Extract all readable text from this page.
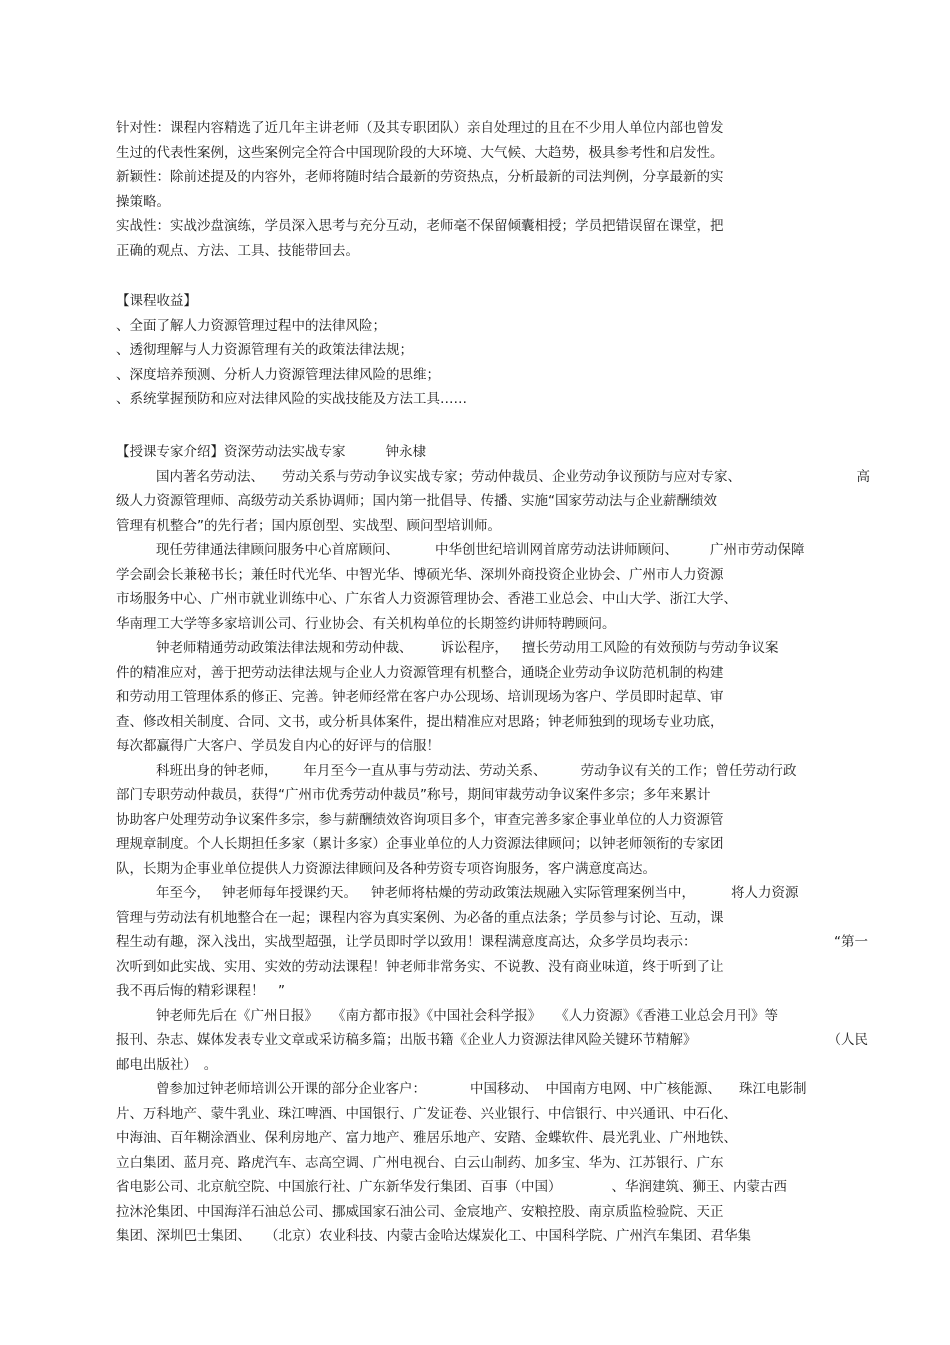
针对性：课程内容精选了近几年主讲老师（及其专职团队）亲自处理过的且在不少用人单位内部也曾发
生过的代表性案例，这些案例完全符合中国现阶段的大环境、大气候、大趋势，极具参考性和启发性。
新颖性：除前述提及的内容外，老师将随时结合最新的劳资热点，分析最新的司法判例，分享最新的实
操策略。
实战性：实战沙盘演练，学员深入思考与充分互动，老师毫不保留倾囊相授；学员把错误留在课堂，把
正确的观点、方法、工具、技能带回去。
【课程收益】
、全面了解人力资源管理过程中的法律风险；
、透彻理解与人力资源管理有关的政策法律法规；
、深度培养预测、分析人力资源管理法律风险的思维；
、系统掌握预防和应对法律风险的实战技能及方法工具……
【授课专家介绍】资深劳动法实战专家	钟永棣
国内著名劳动法、 劳动关系与劳动争议实战专家；劳动仲裁员、企业劳动争议预防与应对专家、	高
级人力资源管理师、高级劳动关系协调师；国内第一批倡导、传播、实施“国家劳动法与企业薪酬绩效
管理有机整合”的先行者；国内原创型、实战型、顾问型培训师。
现任劳律通法律顾问服务中心首席顾问、	中华创世纪培训网首席劳动法讲师顾问、 广州市劳动保障
学会副会长兼秘书长；兼任时代光华、中智光华、博硕光华、深圳外商投资企业协会、广州市人力资源
市场服务中心、广州市就业训练中心、广东省人力资源管理协会、香港工业总会、中山大学、浙江大学、
华南理工大学等多家培训公司、行业协会、有关机构单位的长期签约讲师特聘顾问。
钟老师精通劳动政策法律法规和劳动仲裁、 诉讼程序， 擅长劳动用工风险的有效预防与劳动争议案
件的精准应对，善于把劳动法律法规与企业人力资源管理有机整合，通晓企业劳动争议防范机制的构建
和劳动用工管理体系的修正、完善。钟老师经常在客户办公现场、培训现场为客户、学员即时起草、审
查、修改相关制度、合同、文书，或分析具体案件，提出精准应对思路；钟老师独到的现场专业功底，
每次都赢得广大客户、学员发自内心的好评与的信服！
科班出身的钟老师， 年月至今一直从事与劳动法、劳动关系、	劳动争议有关的工作；曾任劳动行政
部门专职劳动仲裁员，获得“广州市优秀劳动仲裁员”称号，期间审裁劳动争议案件多宗；多年来累计
协助客户处理劳动争议案件多宗，参与薪酬绩效咨询项目多个，审查完善多家企事业单位的人力资源管
理规章制度。个人长期担任多家（累计多家）企事业单位的人力资源法律顾问；以钟老师领衔的专家团
队，长期为企事业单位提供人力资源法律顾问及各种劳资专项咨询服务，客户满意度高达。
年至今， 钟老师每年授课约天。 钟老师将枯燥的劳动政策法规融入实际管理案例当中，	将人力资源
管理与劳动法有机地整合在一起；课程内容为真实案例、为必备的重点法条；学员参与讨论、互动，课
程生动有趣，深入浅出，实战型超强，让学员即时学以致用！课程满意度高达，众多学员均表示：	“第一
次听到如此实战、实用、实效的劳动法课程！钟老师非常务实、不说教、没有商业味道，终于听到了让
我不再后悔的精彩课程！　”
钟老师先后在《广州日报》 《南方都市报》《中国社会科学报》 《人力资源》《香港工业总会月刊》等
报刊、杂志、媒体发表专业文章或采访稿多篇；出版书籍《企业人力资源法律风险关键环节精解》	（人民
邮电出版社）　。
曾参加过钟老师培训公开课的部分企业客户：	中国移动、 中国南方电网、中广核能源、 珠江电影制
片、万科地产、蒙牛乳业、珠江啤酒、中国银行、广发证卷、兴业银行、中信银行、中兴通讯、中石化、
中海油、百年糊涂酒业、保利房地产、富力地产、雅居乐地产、安踏、金蝶软件、晨光乳业、广州地铁、
立白集团、蓝月亮、路虎汽车、志高空调、广州电视台、白云山制药、加多宝、华为、江苏银行、广东
省电影公司、北京航空院、中国旅行社、广东新华发行集团、百事（中国）	、华润建筑、狮王、内蒙古西
拉沐沦集团、中国海洋石油总公司、挪威国家石油公司、金宸地产、安粮控股、南京质监检验院、天正
集团、深圳巴士集团、 （北京）农业科技、内蒙古金哈达煤炭化工、中国科学院、广州汽车集团、君华集
